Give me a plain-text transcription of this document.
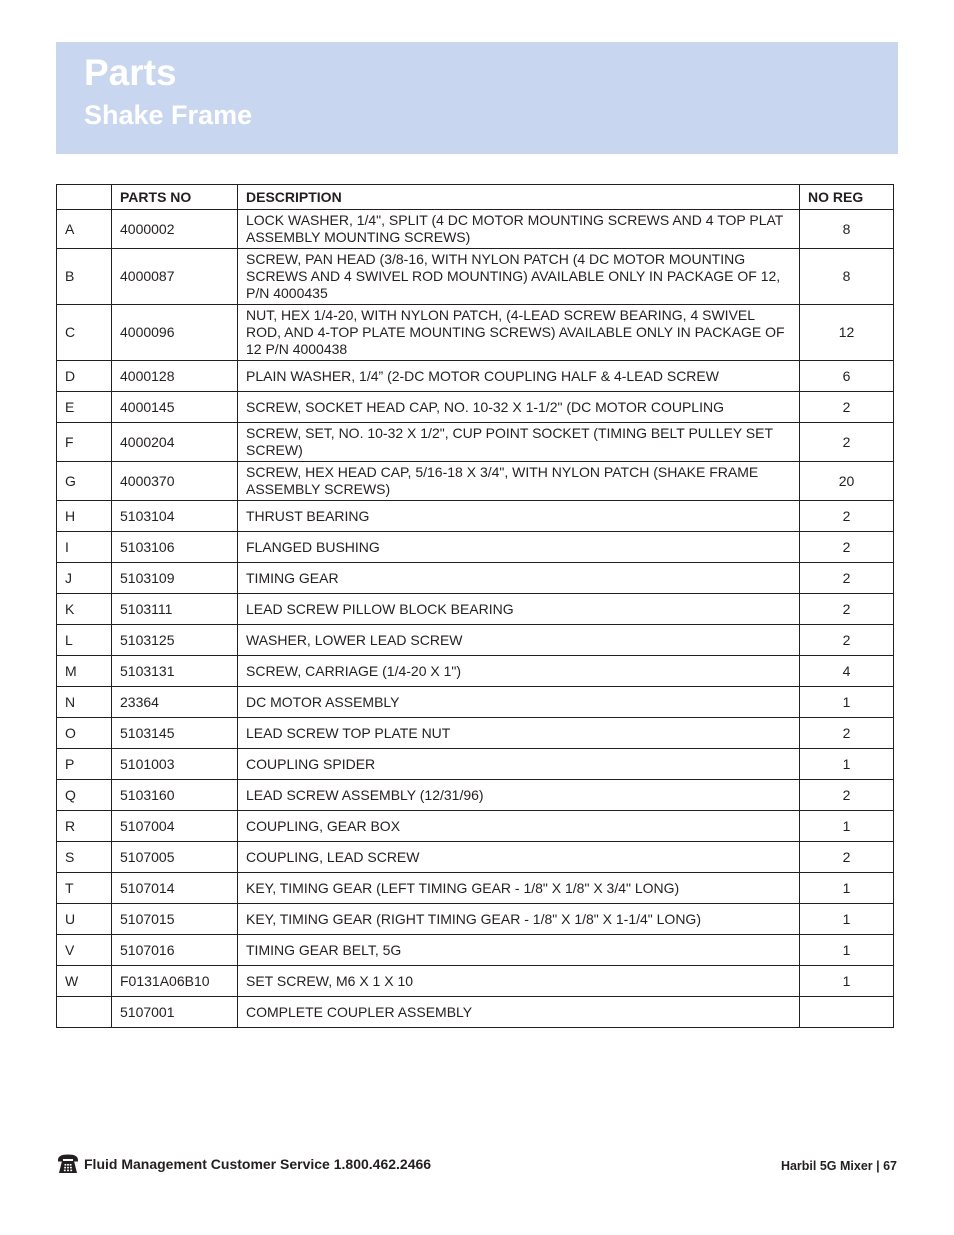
Parts
Shake Frame
	PARTS NO	DESCRIPTION	NO REG
A	4000002	LOCK WASHER, 1/4", SPLIT (4 DC MOTOR MOUNTING SCREWS AND 4 TOP PLAT ASSEMBLY MOUNTING SCREWS)	8
B	4000087	SCREW, PAN HEAD (3/8-16, WITH NYLON PATCH (4 DC MOTOR MOUNTING SCREWS AND 4 SWIVEL ROD MOUNTING) AVAILABLE ONLY IN PACKAGE OF 12, P/N 4000435	8
C	4000096	NUT, HEX 1/4-20, WITH NYLON PATCH, (4-LEAD SCREW BEARING, 4 SWIVEL ROD, AND 4-TOP PLATE MOUNTING SCREWS) AVAILABLE ONLY IN PACKAGE OF 12 P/N 4000438	12
D	4000128	PLAIN WASHER, 1/4” (2-DC MOTOR COUPLING HALF & 4-LEAD SCREW	6
E	4000145	SCREW, SOCKET HEAD CAP, NO. 10-32 X 1-1/2" (DC MOTOR COUPLING	2
F	4000204	SCREW, SET, NO. 10-32 X 1/2", CUP POINT SOCKET (TIMING BELT PULLEY SET SCREW)	2
G	4000370	SCREW, HEX HEAD CAP, 5/16-18 X 3/4", WITH NYLON PATCH (SHAKE FRAME ASSEMBLY SCREWS)	20
H	5103104	THRUST BEARING	2
I	5103106	FLANGED BUSHING	2
J	5103109	TIMING GEAR	2
K	5103111	LEAD SCREW PILLOW BLOCK BEARING	2
L	5103125	WASHER, LOWER LEAD SCREW	2
M	5103131	SCREW, CARRIAGE (1/4-20 X 1")	4
N	23364	DC MOTOR ASSEMBLY	1
O	5103145	LEAD SCREW TOP PLATE NUT	2
P	5101003	COUPLING SPIDER	1
Q	5103160	LEAD SCREW ASSEMBLY (12/31/96)	2
R	5107004	COUPLING, GEAR BOX	1
S	5107005	COUPLING, LEAD SCREW	2
T	5107014	KEY, TIMING GEAR (LEFT TIMING GEAR - 1/8" X 1/8" X 3/4" LONG)	1
U	5107015	KEY, TIMING GEAR (RIGHT TIMING GEAR - 1/8" X 1/8" X 1-1/4" LONG)	1
V	5107016	TIMING GEAR BELT, 5G	1
W	F0131A06B10	SET SCREW, M6 X 1 X 10	1
	5107001	COMPLETE COUPLER ASSEMBLY	
Fluid Management Customer Service 1.800.462.2466	Harbil 5G Mixer | 67
